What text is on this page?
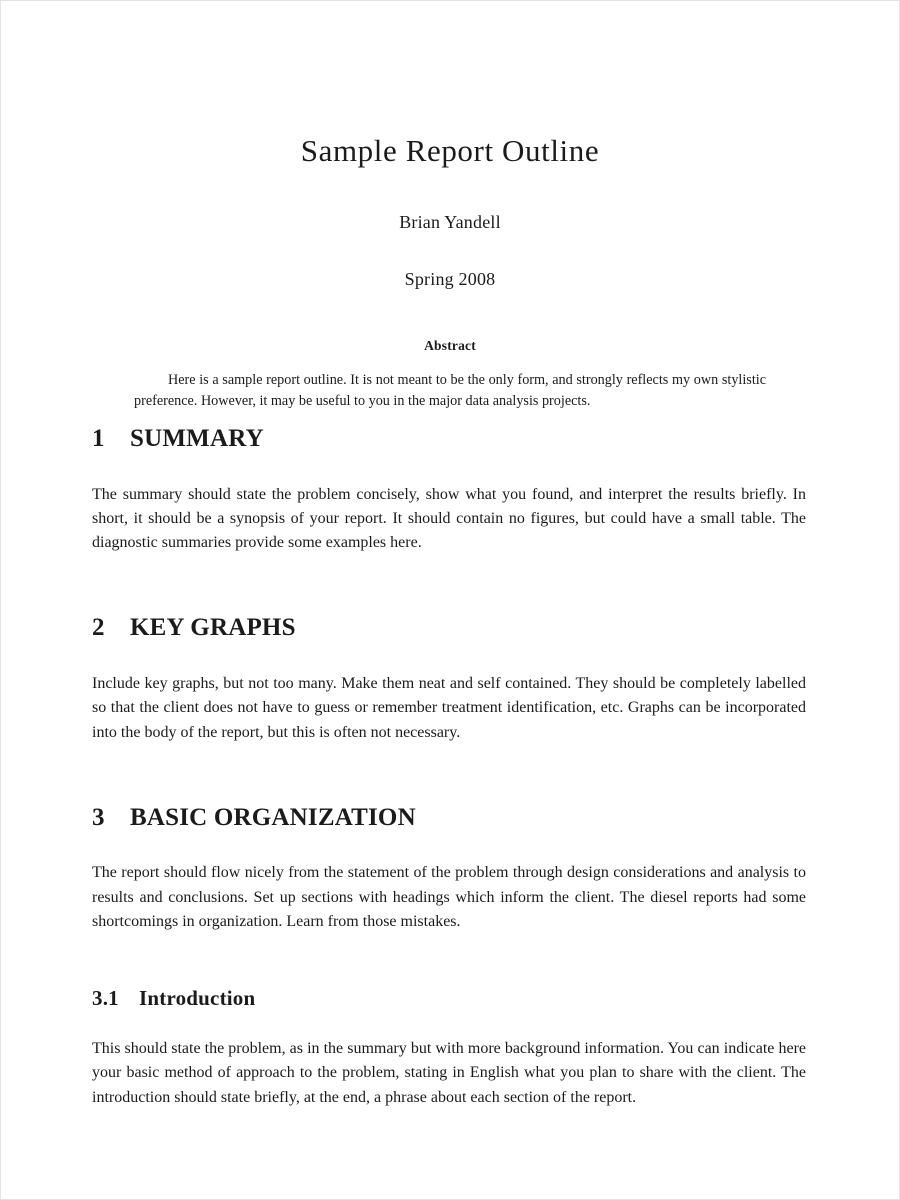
Sample Report Outline

Brian Yandell

Spring 2008

Abstract

Here is a sample report outline. It is not meant to be the only form, and strongly reflects my own stylistic preference. However, it may be useful to you in the major data analysis projects.

1	SUMMARY

The summary should state the problem concisely, show what you found, and interpret the results briefly. In short, it should be a synopsis of your report. It should contain no figures, but could have a small table. The diagnostic summaries provide some examples here.

2	KEY GRAPHS

Include key graphs, but not too many. Make them neat and self contained. They should be completely labelled so that the client does not have to guess or remember treatment identification, etc. Graphs can be incorporated into the body of the report, but this is often not necessary.

3	BASIC ORGANIZATION

The report should flow nicely from the statement of the problem through design considerations and analysis to results and conclusions. Set up sections with headings which inform the client. The diesel reports had some shortcomings in organization. Learn from those mistakes.

3.1 Introduction

This should state the problem, as in the summary but with more background information. You can indicate here your basic method of approach to the problem, stating in English what you plan to share with the client. The introduction should state briefly, at the end, a phrase about each section of the report.
